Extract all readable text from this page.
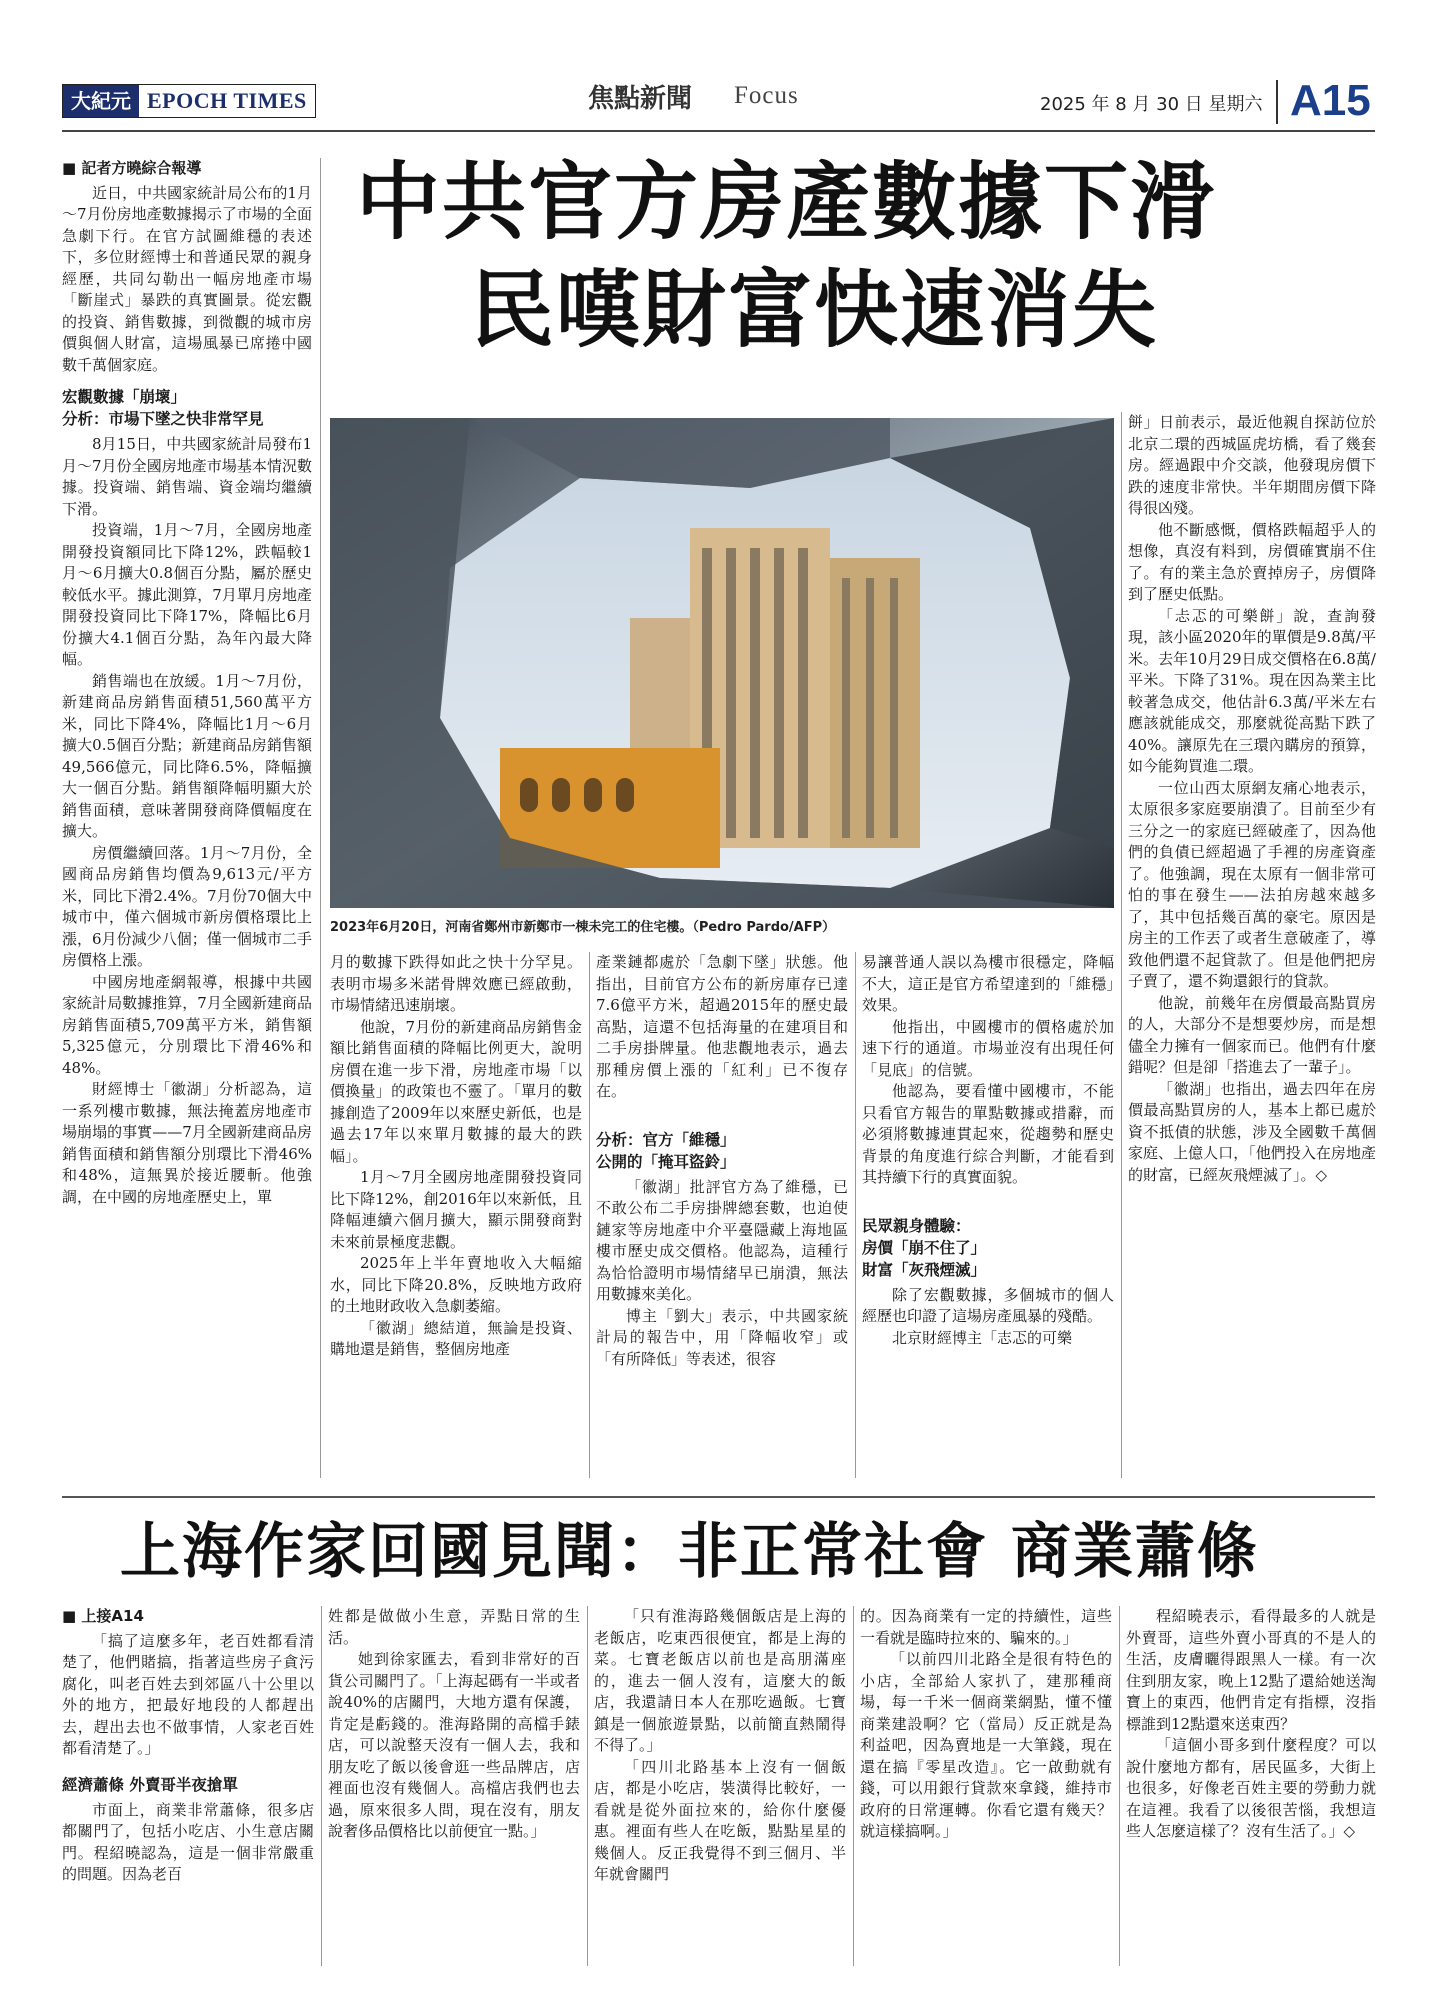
大紀元 EPOCH TIMES	焦點新聞 Focus	2025 年 8 月 30 日 星期六 A15
中共官方房產數據下滑
民嘆財富快速消失
■ 記者方曉綜合報導

近日，中共國家統計局公布的1月～7月份房地產數據揭示了市場的全面急劇下行。在官方試圖維穩的表述下，多位財經博士和普通民眾的親身經歷，共同勾勒出一幅房地產市場「斷崖式」暴跌的真實圖景。從宏觀的投資、銷售數據，到微觀的城市房價與個人財富，這場風暴已席捲中國數千萬個家庭。

宏觀數據「崩壞」
分析：市場下墜之快非常罕見

8月15日，中共國家統計局發布1月～7月份全國房地產市場基本情況數據。投資端、銷售端、資金端均繼續下滑。

投資端，1月～7月，全國房地產開發投資額同比下降12%，跌幅較1月～6月擴大0.8個百分點，屬於歷史較低水平。據此測算，7月單月房地產開發投資同比下降17%，降幅比6月份擴大4.1個百分點，為年內最大降幅。

銷售端也在放緩。1月～7月份，新建商品房銷售面積51,560萬平方米，同比下降4%，降幅比1月～6月擴大0.5個百分點；新建商品房銷售額49,566億元，同比降6.5%，降幅擴大一個百分點。銷售額降幅明顯大於銷售面積，意味著開發商降價幅度在擴大。

房價繼續回落。1月～7月份，全國商品房銷售均價為9,613元/平方米，同比下滑2.4%。7月份70個大中城市中，僅六個城市新房價格環比上漲，6月份減少八個；僅一個城市二手房價格上漲。

中國房地產網報導，根據中共國家統計局數據推算，7月全國新建商品房銷售面積5,709萬平方米，銷售額5,325億元，分別環比下滑46%和48%。

財經博士「徽湖」分析認為，這一系列樓市數據，無法掩蓋房地產市場崩塌的事實——7月全國新建商品房銷售面積和銷售額分別環比下滑46%和48%，這無異於接近腰斬。他強調，在中國的房地產歷史上，單

2023年6月20日，河南省鄭州市新鄭市一棟未完工的住宅樓。（Pedro Pardo/AFP）

月的數據下跌得如此之快十分罕見。表明市場多米諾骨牌效應已經啟動，市場情緒迅速崩壞。

他說，7月份的新建商品房銷售金額比銷售面積的降幅比例更大，說明房價在進一步下滑，房地產市場「以價換量」的政策也不靈了。「單月的數據創造了2009年以來歷史新低，也是過去17年以來單月數據的最大的跌幅」。

1月～7月全國房地產開發投資同比下降12%，創2016年以來新低，且降幅連續六個月擴大，顯示開發商對未來前景極度悲觀。

2025年上半年賣地收入大幅縮水，同比下降20.8%，反映地方政府的土地財政收入急劇萎縮。

「徽湖」總結道，無論是投資、購地還是銷售，整個房地產

產業鏈都處於「急劇下墜」狀態。他指出，目前官方公布的新房庫存已達7.6億平方米，超過2015年的歷史最高點，這還不包括海量的在建項目和二手房掛牌量。他悲觀地表示，過去那種房價上漲的「紅利」已不復存在。

分析：官方「維穩」
公開的「掩耳盜鈴」

「徽湖」批評官方為了維穩，已不敢公布二手房掛牌總套數，也迫使鏈家等房地產中介平臺隱藏上海地區樓市歷史成交價格。他認為，這種行為恰恰證明市場情緒早已崩潰，無法用數據來美化。

博主「劉大」表示，中共國家統計局的報告中，用「降幅收窄」或「有所降低」等表述，很容

易讓普通人誤以為樓市很穩定，降幅不大，這正是官方希望達到的「維穩」效果。

他指出，中國樓市的價格處於加速下行的通道。市場並沒有出現任何「見底」的信號。

他認為，要看懂中國樓市，不能只看官方報告的單點數據或措辭，而必須將數據連貫起來，從趨勢和歷史背景的角度進行綜合判斷，才能看到其持續下行的真實面貌。

民眾親身體驗：
房價「崩不住了」
財富「灰飛煙滅」

除了宏觀數據，多個城市的個人經歷也印證了這場房產風暴的殘酷。

北京財經博主「志忑的可樂

餅」日前表示，最近他親自探訪位於北京二環的西城區虎坊橋，看了幾套房。經過跟中介交談，他發現房價下跌的速度非常快。半年期間房價下降得很凶殘。

他不斷感慨，價格跌幅超乎人的想像，真沒有料到，房價確實崩不住了。有的業主急於賣掉房子，房價降到了歷史低點。

「忐忑的可樂餅」說，查詢發現，該小區2020年的單價是9.8萬/平米。去年10月29日成交價格在6.8萬/平米。下降了31%。現在因為業主比較著急成交，他估計6.3萬/平米左右應該就能成交，那麼就從高點下跌了40%。讓原先在三環內購房的預算，如今能夠買進二環。

一位山西太原網友痛心地表示，太原很多家庭要崩潰了。目前至少有三分之一的家庭已經破產了，因為他們的負債已經超過了手裡的房產資產了。他強調，現在太原有一個非常可怕的事在發生——法拍房越來越多了，其中包括幾百萬的豪宅。原因是房主的工作丟了或者生意破產了，導致他們還不起貸款了。但是他們把房子賣了，還不夠還銀行的貸款。

他說，前幾年在房價最高點買房的人，大部分不是想要炒房，而是想儘全力擁有一個家而已。他們有什麼錯呢？但是卻「搭進去了一輩子」。

「徽湖」也指出，過去四年在房價最高點買房的人，基本上都已處於資不抵債的狀態，涉及全國數千萬個家庭、上億人口，「他們投入在房地產的財富，已經灰飛煙滅了」。◇

上海作家回國見聞：非正常社會 商業蕭條
■ 上接A14

「搞了這麼多年，老百姓都看清楚了，他們賭搞，指著這些房子貪污腐化，叫老百姓去到郊區八十公里以外的地方，把最好地段的人都趕出去，趕出去也不做事情，人家老百姓都看清楚了。」

經濟蕭條 外賣哥半夜搶單

市面上，商業非常蕭條，很多店都關門了，包括小吃店、小生意店關門。程紹曉認為，這是一個非常嚴重的問題。因為老百

姓都是做做小生意，弄點日常的生活。

她到徐家匯去，看到非常好的百貨公司關門了。「上海起碼有一半或者說40%的店關門，大地方還有保護，肯定是虧錢的。淮海路開的高檔手錶店，可以說整天沒有一個人去，我和朋友吃了飯以後會逛一些品牌店，店裡面也沒有幾個人。高檔店我們也去過，原來很多人問，現在沒有，朋友說奢侈品價格比以前便宜一點。」

「只有淮海路幾個飯店是上海的老飯店，吃東西很便宜，都是上海的菜。七寶老飯店以前也是高朋滿座的，進去一個人沒有，這麼大的飯店，我還請日本人在那吃過飯。七寶鎮是一個旅遊景點，以前簡直熱鬧得不得了。」

「四川北路基本上沒有一個飯店，都是小吃店，裝潢得比較好，一看就是從外面拉來的，給你什麼優惠。裡面有些人在吃飯，點點星星的幾個人。反正我覺得不到三個月、半年就會關門

的。因為商業有一定的持續性，這些一看就是臨時拉來的、騙來的。」

「以前四川北路全是很有特色的小店，全部給人家扒了，建那種商場，每一千米一個商業網點，懂不懂商業建設啊？它（當局）反正就是為利益吧，因為賣地是一大筆錢，現在還在搞『零星改造』。它一啟動就有錢，可以用銀行貸款來拿錢，維持市政府的日常運轉。你看它還有幾天？就這樣搞啊。」

程紹曉表示，看得最多的人就是外賣哥，這些外賣小哥真的不是人的生活，皮膚曬得跟黑人一樣。有一次住到朋友家，晚上12點了還給她送淘寶上的東西，他們肯定有指標，沒指標誰到12點還來送東西？

「這個小哥多到什麼程度？可以說什麼地方都有，居民區多，大街上也很多，好像老百姓主要的勞動力就在這裡。我看了以後很苦惱，我想這些人怎麼這樣了？沒有生活了。」◇
